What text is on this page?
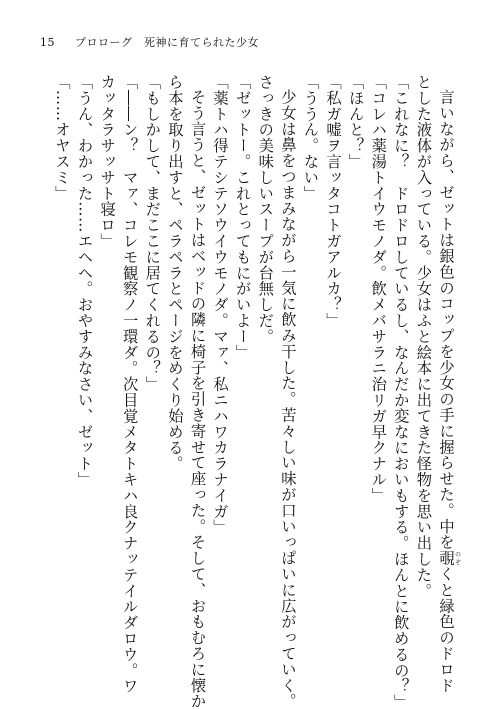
15 プロローグ　死神に育てられた少女
言いながら、ゼットは銀色のコップを少女の手に握らせた。中を覗のぞくと緑色のドロド
とした液体が入っている。少女はふと絵本に出てきた怪物を思い出した。
「これなに？　ドロドロしているし、なんだか変なにおいもする。ほんとに飲めるの？」
「コレハ薬湯トイウモノダ。飲メバサラニ治リガ早クナル」
「ほんと？」
「私ガ嘘ヲ言ッタコトガアルカ？」
「ううん。ない」
少女は鼻をつまみながら一気に飲み干した。苦々しい味が口いっぱいに広がっていく。
さっきの美味しいスープが台無しだ。
「ゼットー。これとってもにがいよー」
「薬トハ得テシテソウイウモノダ。マァ、私ニハワカラナイガ」
そう言うと、ゼットはベッドの隣に椅子を引き寄せて座った。そして、おもむろに懐か
ら本を取り出すと、ペラペラとページをめくり始める。
「もしかして、まだここに居てくれるの？」
「――ン？　マァ、コレモ観察ノ一環ダ。次目覚メタトキハ良クナッテイルダロウ。ワ
カッタラサッサト寝ロ」
「うん、わかった……エヘヘ。おやすみなさい、ゼット」
「……オヤスミ」
